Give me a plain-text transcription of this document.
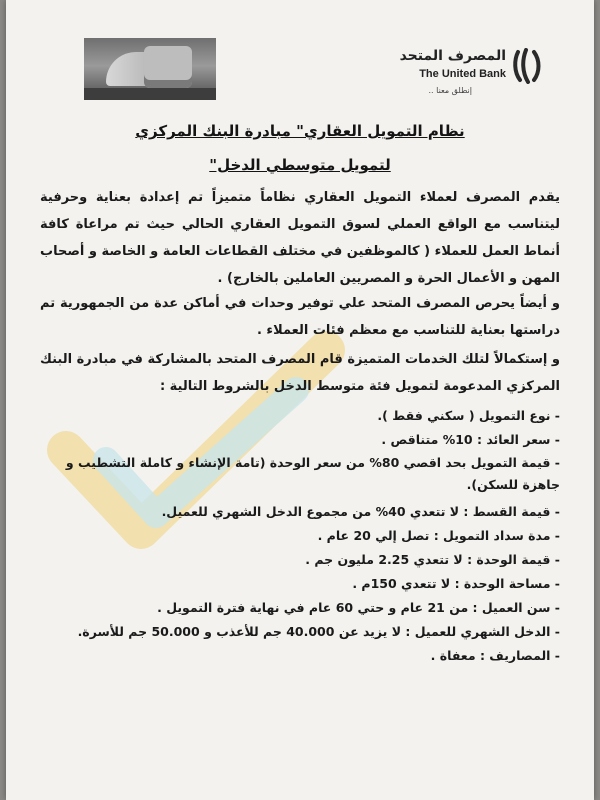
المصرف المتحد
The United Bank
إنطلق معنا ..
نظام التمويل العقاري" مبادرة البنك المركزي
لتمويل متوسطي الدخل"
يقدم المصرف لعملاء التمويل العقاري نظاماً متميزاً تم إعدادة بعناية وحرفية ليتناسب مع الواقع العملي لسوق التمويل العقاري الحالي حيث تم مراعاة كافة أنماط العمل للعملاء ( كالموظفين في مختلف القطاعات العامة و الخاصة و أصحاب المهن و الأعمال الحرة و المصريين العاملين بالخارج) .
و أيضاً يحرص المصرف المتحد علي توفير وحدات في أماكن عدة من الجمهورية تم دراستها بعناية للتناسب مع معظم فئات العملاء .
و إستكمالاً لتلك الخدمات المتميزة قام المصرف المتحد بالمشاركة في مبادرة البنك المركزي المدعومة لتمويل فئة متوسط الدخل بالشروط التالية :
- نوع التمويل ( سكني فقط ).
- سعر العائد : 10% متناقص .
- قيمة التمويل بحد اقصي 80% من سعر الوحدة (تامة الإنشاء و كاملة التشطيب و جاهزة للسكن).
- قيمة القسط : لا تتعدي 40% من مجموع الدخل الشهري للعميل.
- مدة سداد التمويل : تصل إلي 20 عام .
- قيمة الوحدة : لا تتعدي 2.25 مليون جم .
- مساحة الوحدة : لا تتعدي 150م .
- سن العميل : من 21 عام و حتي 60 عام في نهاية فترة التمويل .
- الدخل الشهري للعميل : لا يزيد عن 40.000 جم للأعذب و 50.000 جم للأسرة.
- المصاريف : معفاة .
